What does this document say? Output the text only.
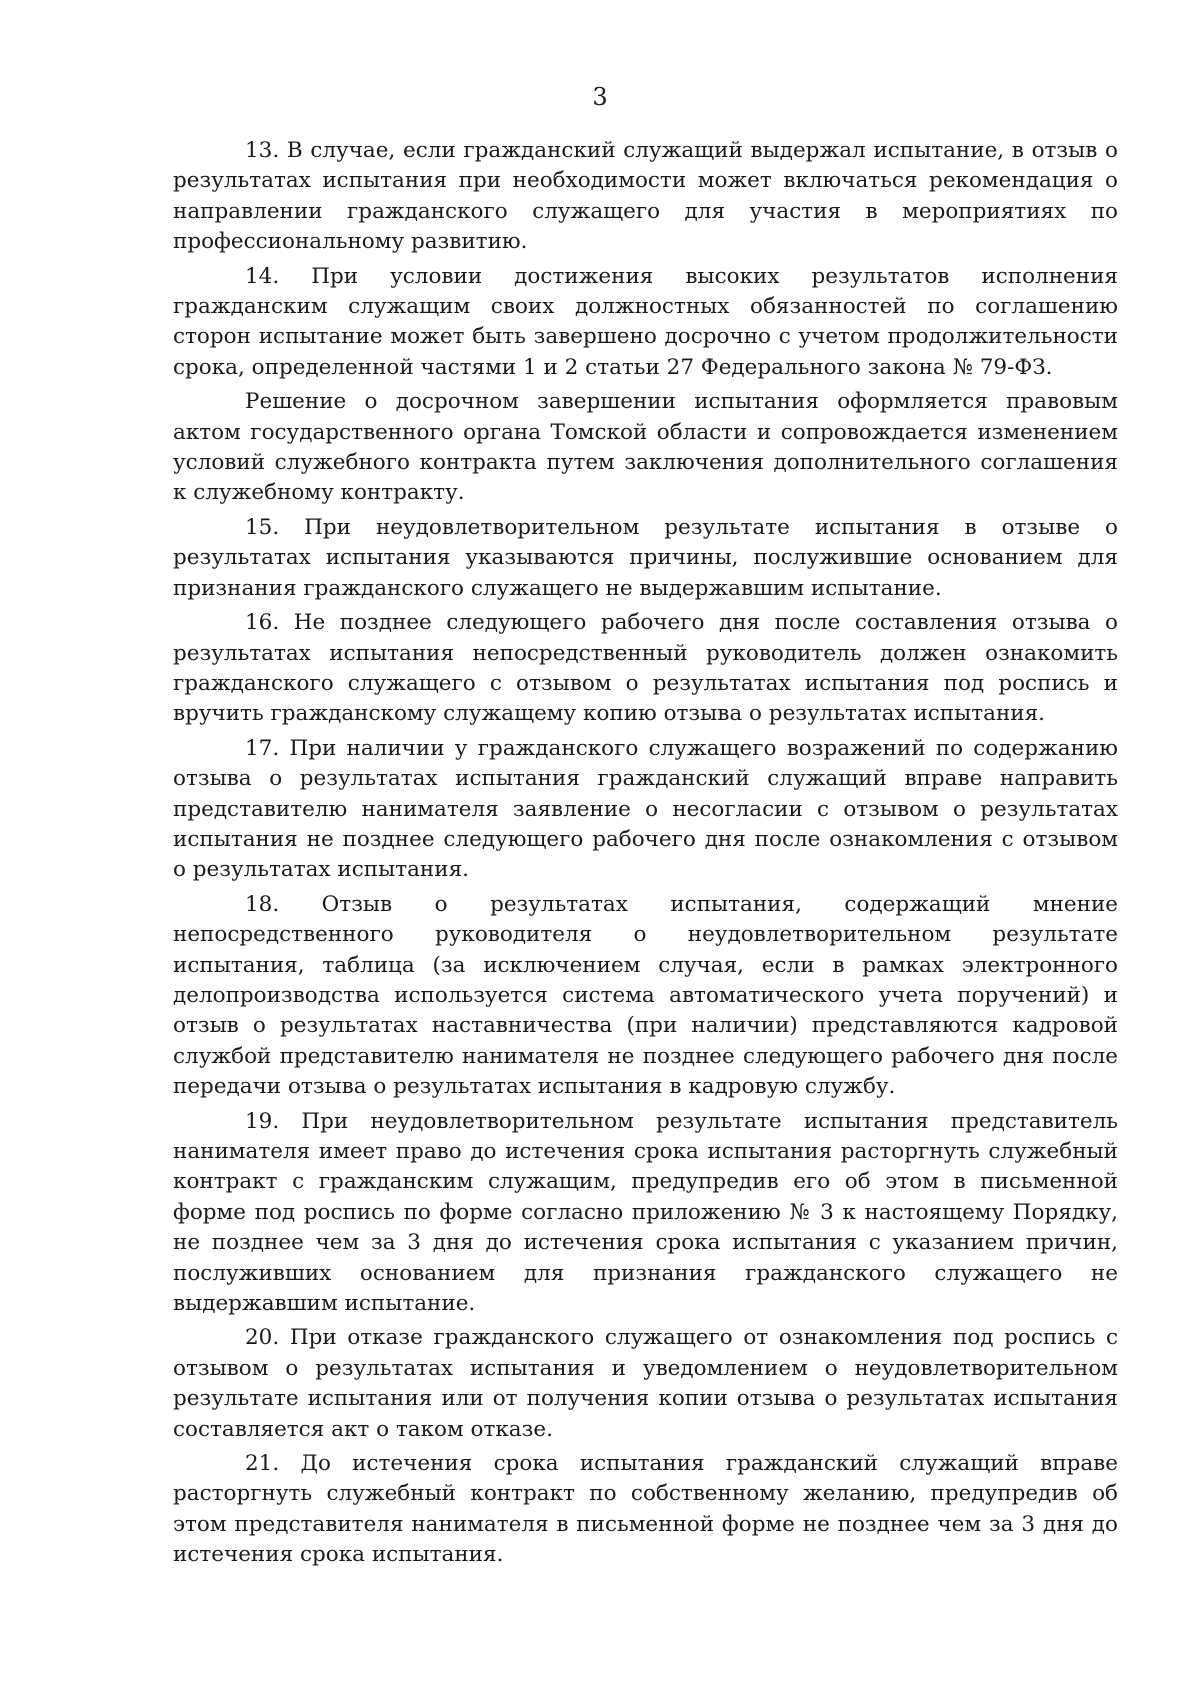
3

13. В случае, если гражданский служащий выдержал испытание, в отзыв о результатах испытания при необходимости может включаться рекомендация о направлении гражданского служащего для участия в мероприятиях по профессиональному развитию.

14. При условии достижения высоких результатов исполнения гражданским служащим своих должностных обязанностей по соглашению сторон испытание может быть завершено досрочно с учетом продолжительности срока, определенной частями 1 и 2 статьи 27 Федерального закона № 79-ФЗ.

Решение о досрочном завершении испытания оформляется правовым актом государственного органа Томской области и сопровождается изменением условий служебного контракта путем заключения дополнительного соглашения к служебному контракту.

15. При неудовлетворительном результате испытания в отзыве о результатах испытания указываются причины, послужившие основанием для признания гражданского служащего не выдержавшим испытание.

16. Не позднее следующего рабочего дня после составления отзыва о результатах испытания непосредственный руководитель должен ознакомить гражданского служащего с отзывом о результатах испытания под роспись и вручить гражданскому служащему копию отзыва о результатах испытания.

17. При наличии у гражданского служащего возражений по содержанию отзыва о результатах испытания гражданский служащий вправе направить представителю нанимателя заявление о несогласии с отзывом о результатах испытания не позднее следующего рабочего дня после ознакомления с отзывом о результатах испытания.

18. Отзыв о результатах испытания, содержащий мнение непосредственного руководителя о неудовлетворительном результате испытания, таблица (за исключением случая, если в рамках электронного делопроизводства используется система автоматического учета поручений) и отзыв о результатах наставничества (при наличии) представляются кадровой службой представителю нанимателя не позднее следующего рабочего дня после передачи отзыва о результатах испытания в кадровую службу.

19. При неудовлетворительном результате испытания представитель нанимателя имеет право до истечения срока испытания расторгнуть служебный контракт с гражданским служащим, предупредив его об этом в письменной форме под роспись по форме согласно приложению № 3 к настоящему Порядку, не позднее чем за 3 дня до истечения срока испытания с указанием причин, послуживших основанием для признания гражданского служащего не выдержавшим испытание.

20. При отказе гражданского служащего от ознакомления под роспись с отзывом о результатах испытания и уведомлением о неудовлетворительном результате испытания или от получения копии отзыва о результатах испытания составляется акт о таком отказе.

21. До истечения срока испытания гражданский служащий вправе расторгнуть служебный контракт по собственному желанию, предупредив об этом представителя нанимателя в письменной форме не позднее чем за 3 дня до истечения срока испытания.
